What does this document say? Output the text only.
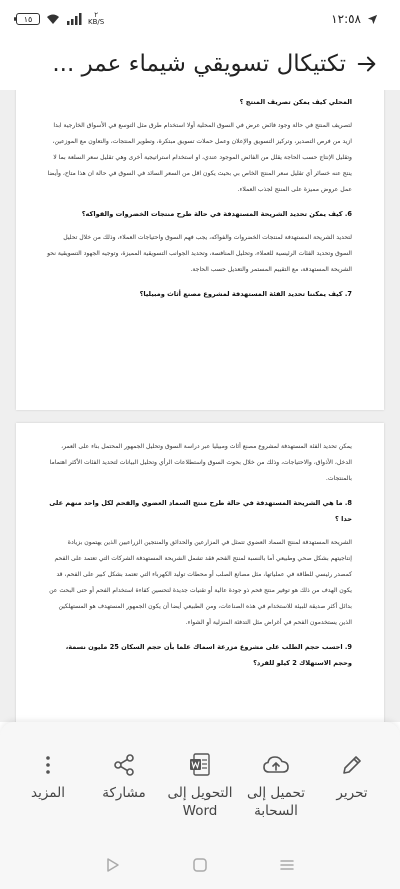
١٥	٢
KB/S	١٢:٥٨
تكتيكال تسويقي شيماء عمر ...

المحلي كيف يمكن تصريف المنتج ؟

لتصريف المنتج في حالة وجود فائض عرض في السوق المحلية أولا استخدام طرق مثل التوسع في الأسواق الخارجية ابدا ازيد من فرص التصدير، وتركيز التسويق والإعلان وعمل حملات تسويق مبتكرة، وتطوير المنتجات، والتعاون مع الموزعين، وتقليل الإنتاج حسب الحاجة يقلل من الفائض الموجود عندي، او استخدام استراتيجية أخرى وهي تقليل سعر السلعة بما لا ينتج عنه خسائر أي تقليل سعر المنتج الخاص بي بحيث يكون اقل من السعر السائد في السوق في حالة ان هذا متاح، وأيضا عمل عروض مميزة على المنتج لجذب العملاء.

6. كيف يمكن تحديد الشريحة المستهدفة في حالة طرح منتجات الخضروات والفواكه؟

لتحديد الشريحة المستهدفة لمنتجات الخضروات والفواكه، يجب فهم السوق واحتياجات العملاء، وذلك من خلال تحليل السوق وتحديد الفئات الرئيسية للعملاء، وتحليل المنافسة، وتحديد الجوانب التسويقية المميزة، وتوجيه الجهود التسويقية نحو الشريحة المستهدفة، مع التقييم المستمر والتعديل حسب الحاجة.

7. كيف يمكننا تحديد الفئة المستهدفة لمشروع مصنع أثاث ومبيليا؟

يمكن تحديد الفئة المستهدفة لمشروع مصنع أثاث ومبيليا عبر دراسة السوق وتحليل الجمهور المحتمل بناء على العمر، الدخل، الأذواق، والاحتياجات، وذلك من خلال بحوث السوق واستطلاعات الرأي وتحليل البيانات لتحديد الفئات الأكثر اهتماما بالمنتجات.

8. ما هي الشريحة المستهدفة في حالة طرح منتج السماد العضوي والفحم لكل واحد منهم على حدا ؟

الشريحة المستهدفة لمنتج السماد العضوي تتمثل في المزارعين والحدائق والمنتجين الزراعيين الذين يهتمون بزيادة إنتاجيتهم بشكل صحي وطبيعي أما بالنسبة لمنتج الفحم فقد تشمل الشريحة المستهدفة الشركات التي تعتمد على الفحم كمصدر رئيسي للطاقة في عملياتها، مثل مصانع الصلب أو محطات توليد الكهرباء التي تعتمد بشكل كبير على الفحم، قد يكون الهدف من ذلك هو توفير منتج فحم ذو جودة عالية أو تقنيات جديدة لتحسين كفاءة استخدام الفحم أو حتى البحث عن بدائل أكثر صديقة للبيئة للاستخدام في هذه الصناعات، ومن الطبيعي أيضا أن يكون الجمهور المستهدف هو المستهلكين الذين يستخدمون الفحم في أغراض مثل التدفئة المنزلية أو الشواء.

9. احسب حجم الطلب على مشروع مزرعة اسماك علما بأن حجم السكان 25 مليون نسمة، وحجم الاستهلاك 2 كيلو للفرد؟

تحرير
تحميل إلى السحابة
التحويل إلى Word
مشاركة
المزيد
